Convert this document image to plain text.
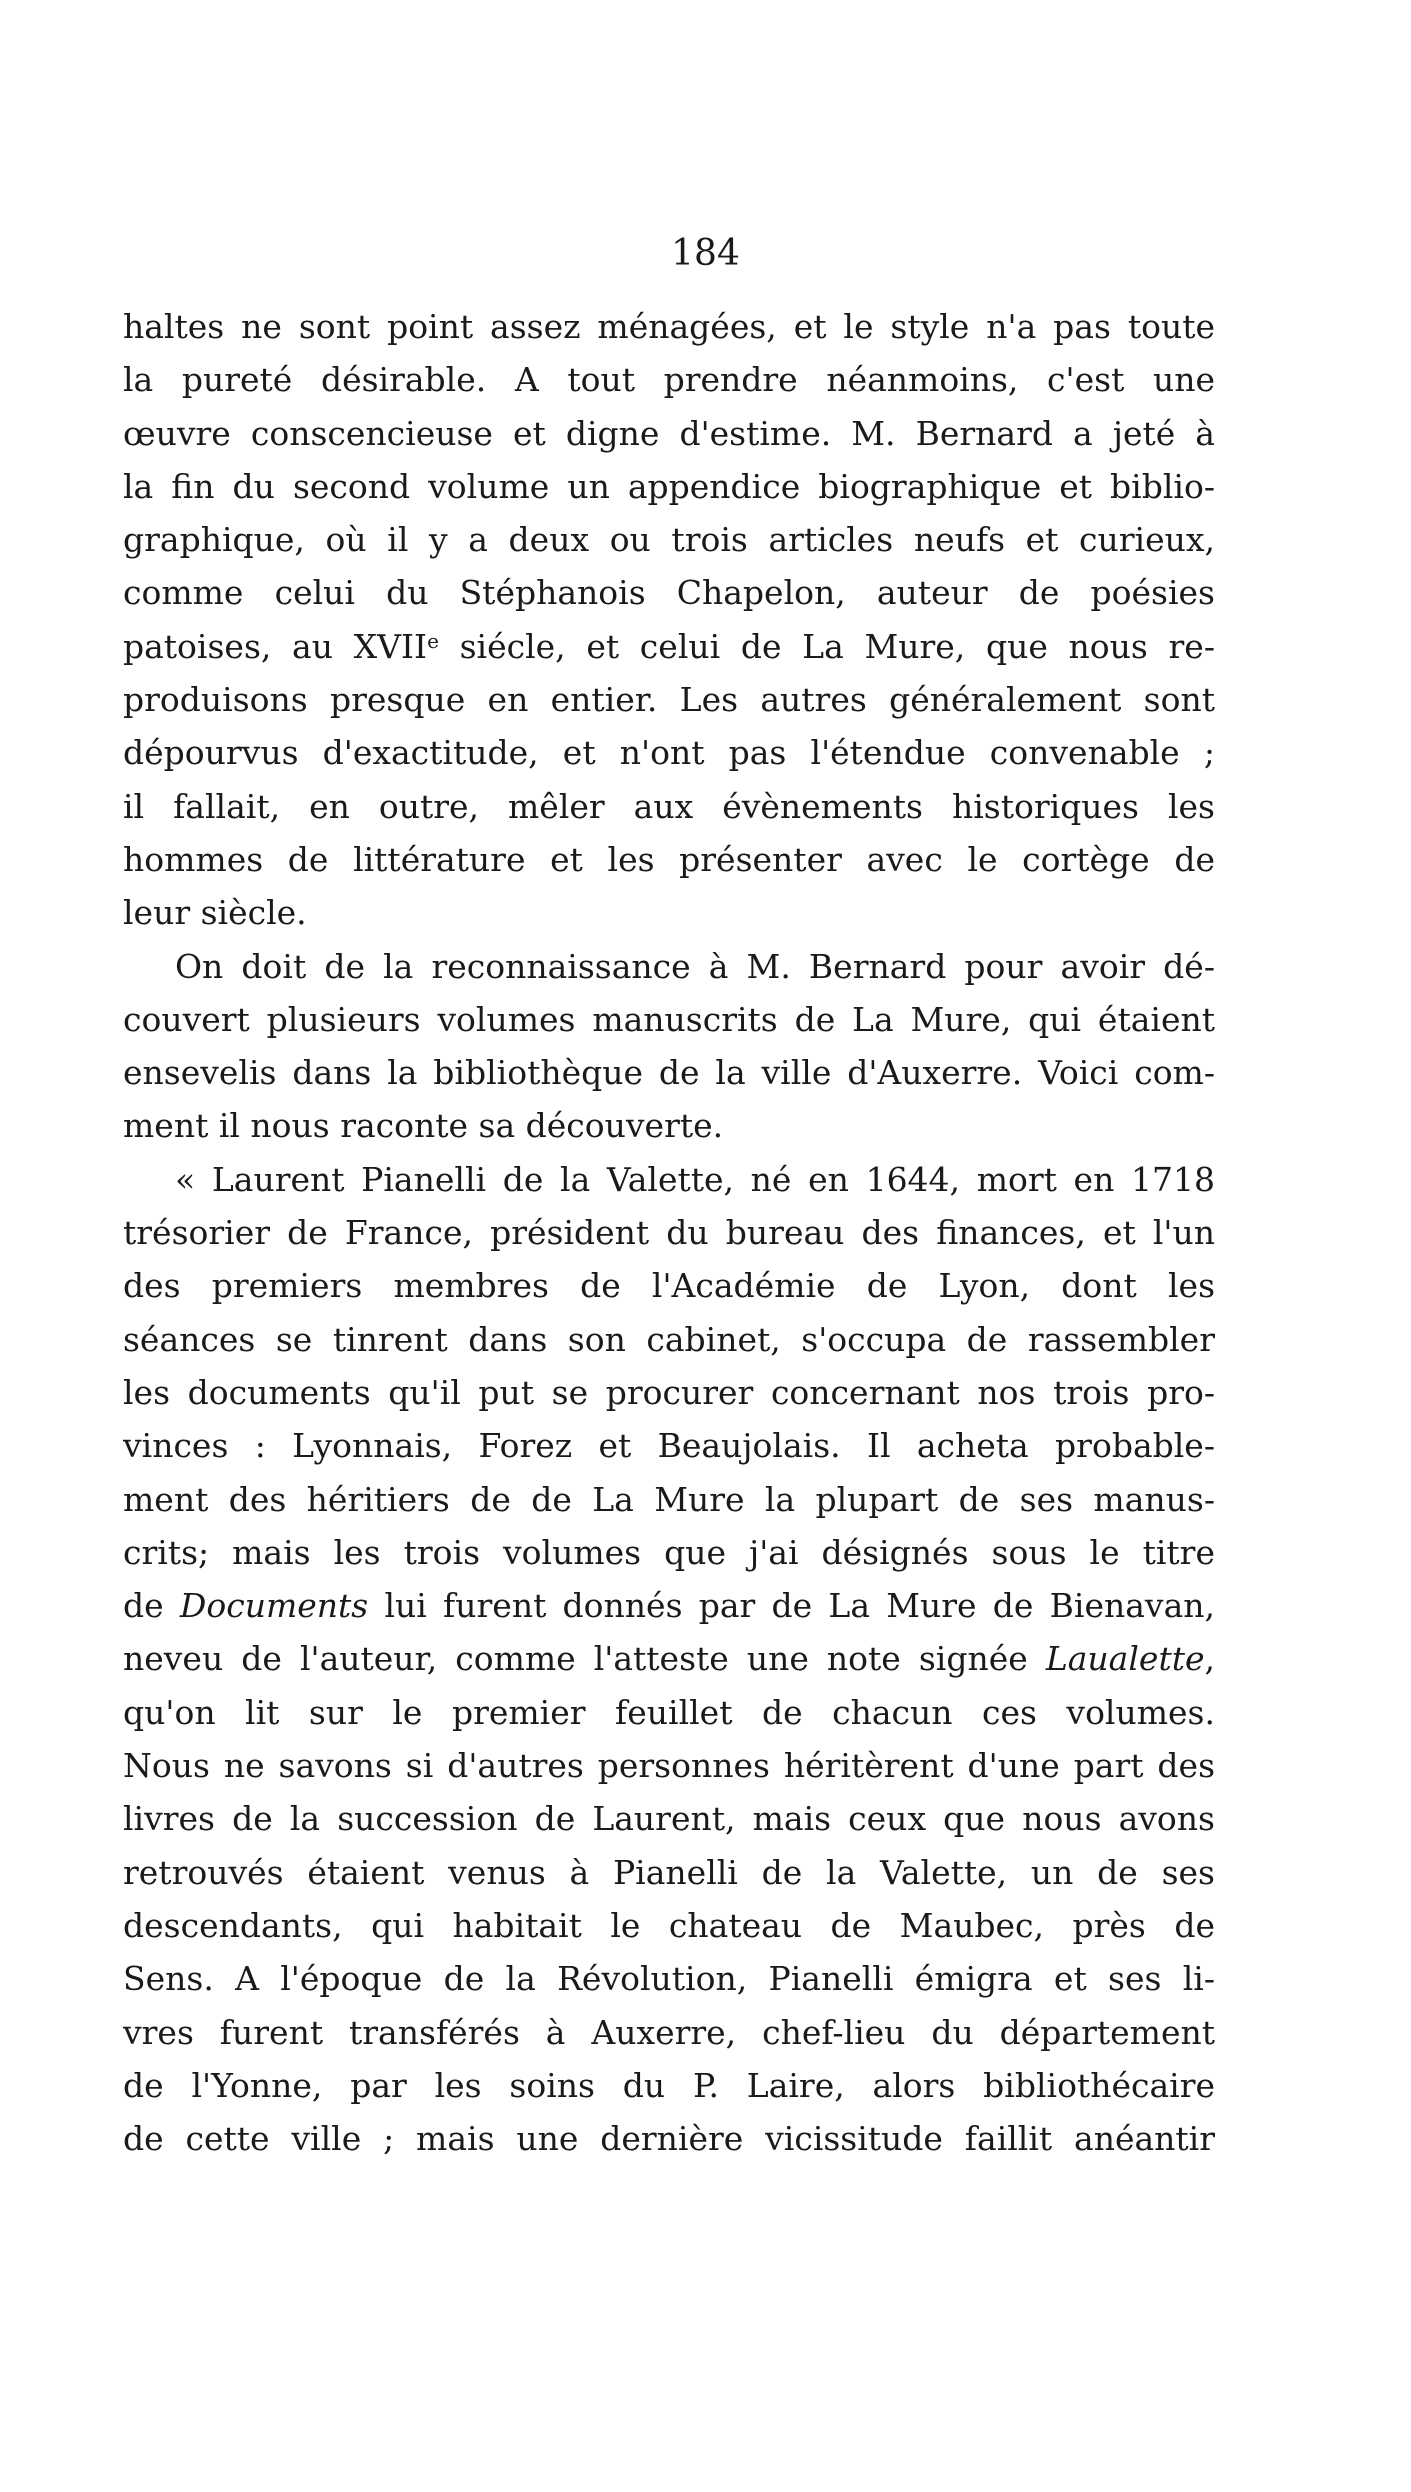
184
haltes ne sont point assez ménagées, et le style n'a pas toute
la pureté désirable. A tout prendre néanmoins, c'est une
œuvre conscencieuse et digne d'estime. M. Bernard a jeté à
la fin du second volume un appendice biographique et biblio-
graphique, où il y a deux ou trois articles neufs et curieux,
comme celui du Stéphanois Chapelon, auteur de poésies
patoises, au XVIIe siécle, et celui de La Mure, que nous re-
produisons presque en entier. Les autres généralement sont
dépourvus d'exactitude, et n'ont pas l'étendue convenable ;
il fallait, en outre, mêler aux évènements historiques les
hommes de littérature et les présenter avec le cortège de
leur siècle.
On doit de la reconnaissance à M. Bernard pour avoir dé-
couvert plusieurs volumes manuscrits de La Mure, qui étaient
ensevelis dans la bibliothèque de la ville d'Auxerre. Voici com-
ment il nous raconte sa découverte.
« Laurent Pianelli de la Valette, né en 1644, mort en 1718
trésorier de France, président du bureau des finances, et l'un
des premiers membres de l'Académie de Lyon, dont les
séances se tinrent dans son cabinet, s'occupa de rassembler
les documents qu'il put se procurer concernant nos trois pro-
vinces : Lyonnais, Forez et Beaujolais. Il acheta probable-
ment des héritiers de de La Mure la plupart de ses manus-
crits; mais les trois volumes que j'ai désignés sous le titre
de Documents lui furent donnés par de La Mure de Bienavan,
neveu de l'auteur, comme l'atteste une note signée Laualette,
qu'on lit sur le premier feuillet de chacun ces volumes.
Nous ne savons si d'autres personnes héritèrent d'une part des
livres de la succession de Laurent, mais ceux que nous avons
retrouvés étaient venus à Pianelli de la Valette, un de ses
descendants, qui habitait le chateau de Maubec, près de
Sens. A l'époque de la Révolution, Pianelli émigra et ses li-
vres furent transférés à Auxerre, chef-lieu du département
de l'Yonne, par les soins du P. Laire, alors bibliothécaire
de cette ville ; mais une dernière vicissitude faillit anéantir
